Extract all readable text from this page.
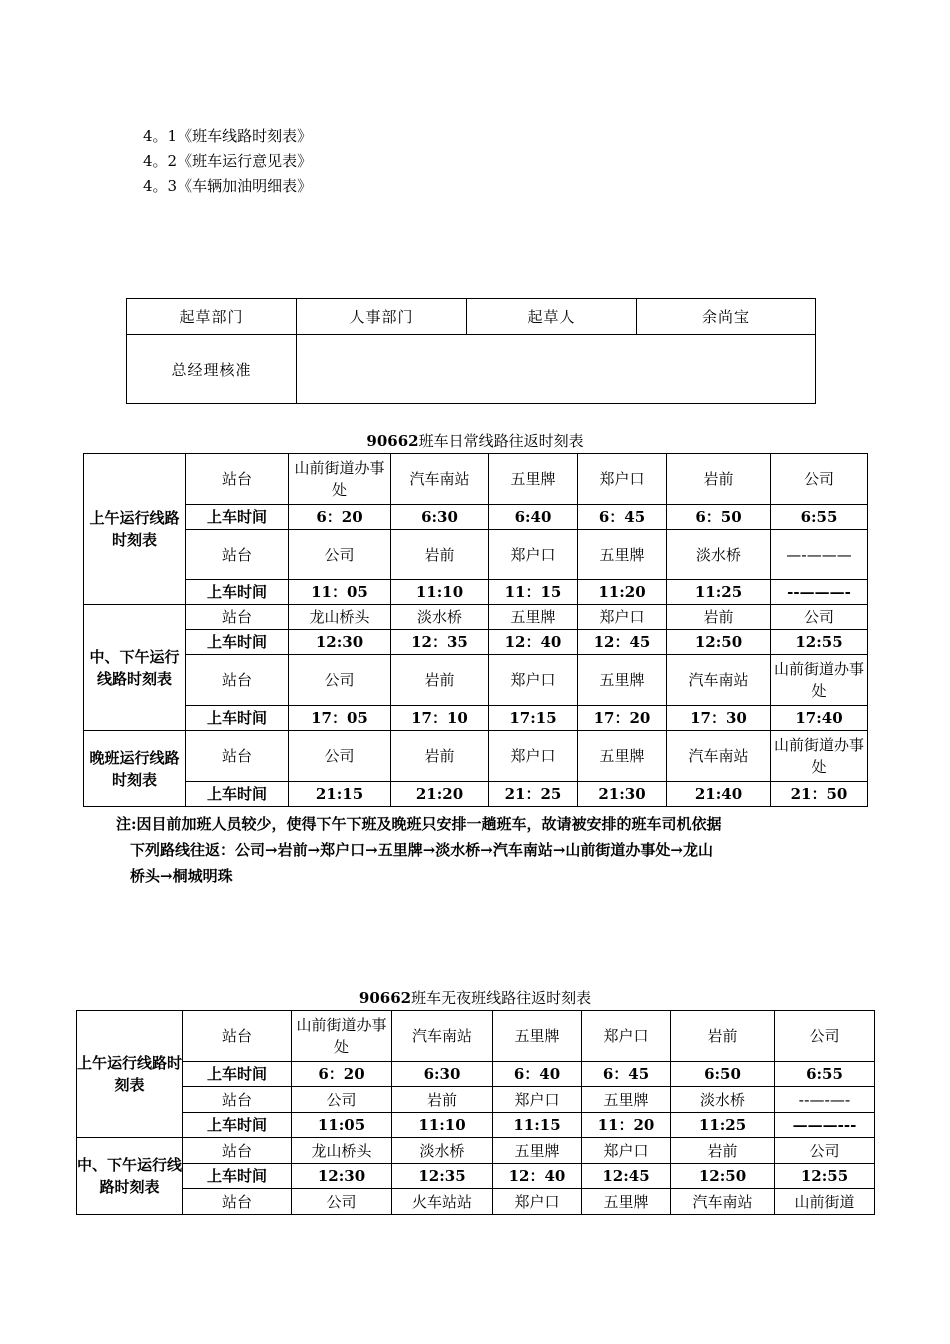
4。1《班车线路时刻表》
4。2《班车运行意见表》
4。3《车辆加油明细表》
起草部门	人事部门	起草人	余尚宝
总经理核准			
90662班车日常线路往返时刻表
上午运行线路时刻表	站台	山前街道办事处	汽车南站	五里牌	郑户口	岩前	公司
	上车时间	6：20	6:30	6:40	6：45	6：50	6:55
	站台	公司	岩前	郑户口	五里牌	淡水桥	—-———
	上车时间	11：05	11:10	11：15	11:20	11:25	--———-
中、下午运行线路时刻表	站台	龙山桥头	淡水桥	五里牌	郑户口	岩前	公司
	上车时间	12:30	12：35	12：40	12：45	12:50	12:55
	站台	公司	岩前	郑户口	五里牌	汽车南站	山前街道办事处
	上车时间	17：05	17：10	17:15	17：20	17：30	17:40
晚班运行线路时刻表	站台	公司	岩前	郑户口	五里牌	汽车南站	山前街道办事处
	上车时间	21:15	21:20	21：25	21:30	21:40	21：50
注:因目前加班人员较少，使得下午下班及晚班只安排一趟班车，故请被安排的班车司机依据
下列路线往返：公司→岩前→郑户口→五里牌→淡水桥→汽车南站→山前街道办事处→龙山
桥头→桐城明珠
90662班车无夜班线路往返时刻表
上午运行线路时刻表	站台	山前街道办事处	汽车南站	五里牌	郑户口	岩前	公司
	上车时间	6：20	6:30	6：40	6：45	6:50	6:55
	站台	公司	岩前	郑户口	五里牌	淡水桥	--—-—-
	上车时间	11:05	11:10	11:15	11：20	11:25	———---
中、下午运行线路时刻表	站台	龙山桥头	淡水桥	五里牌	郑户口	岩前	公司
	上车时间	12:30	12:35	12：40	12:45	12:50	12:55
	站台	公司	火车站站	郑户口	五里牌	汽车南站	山前街道
